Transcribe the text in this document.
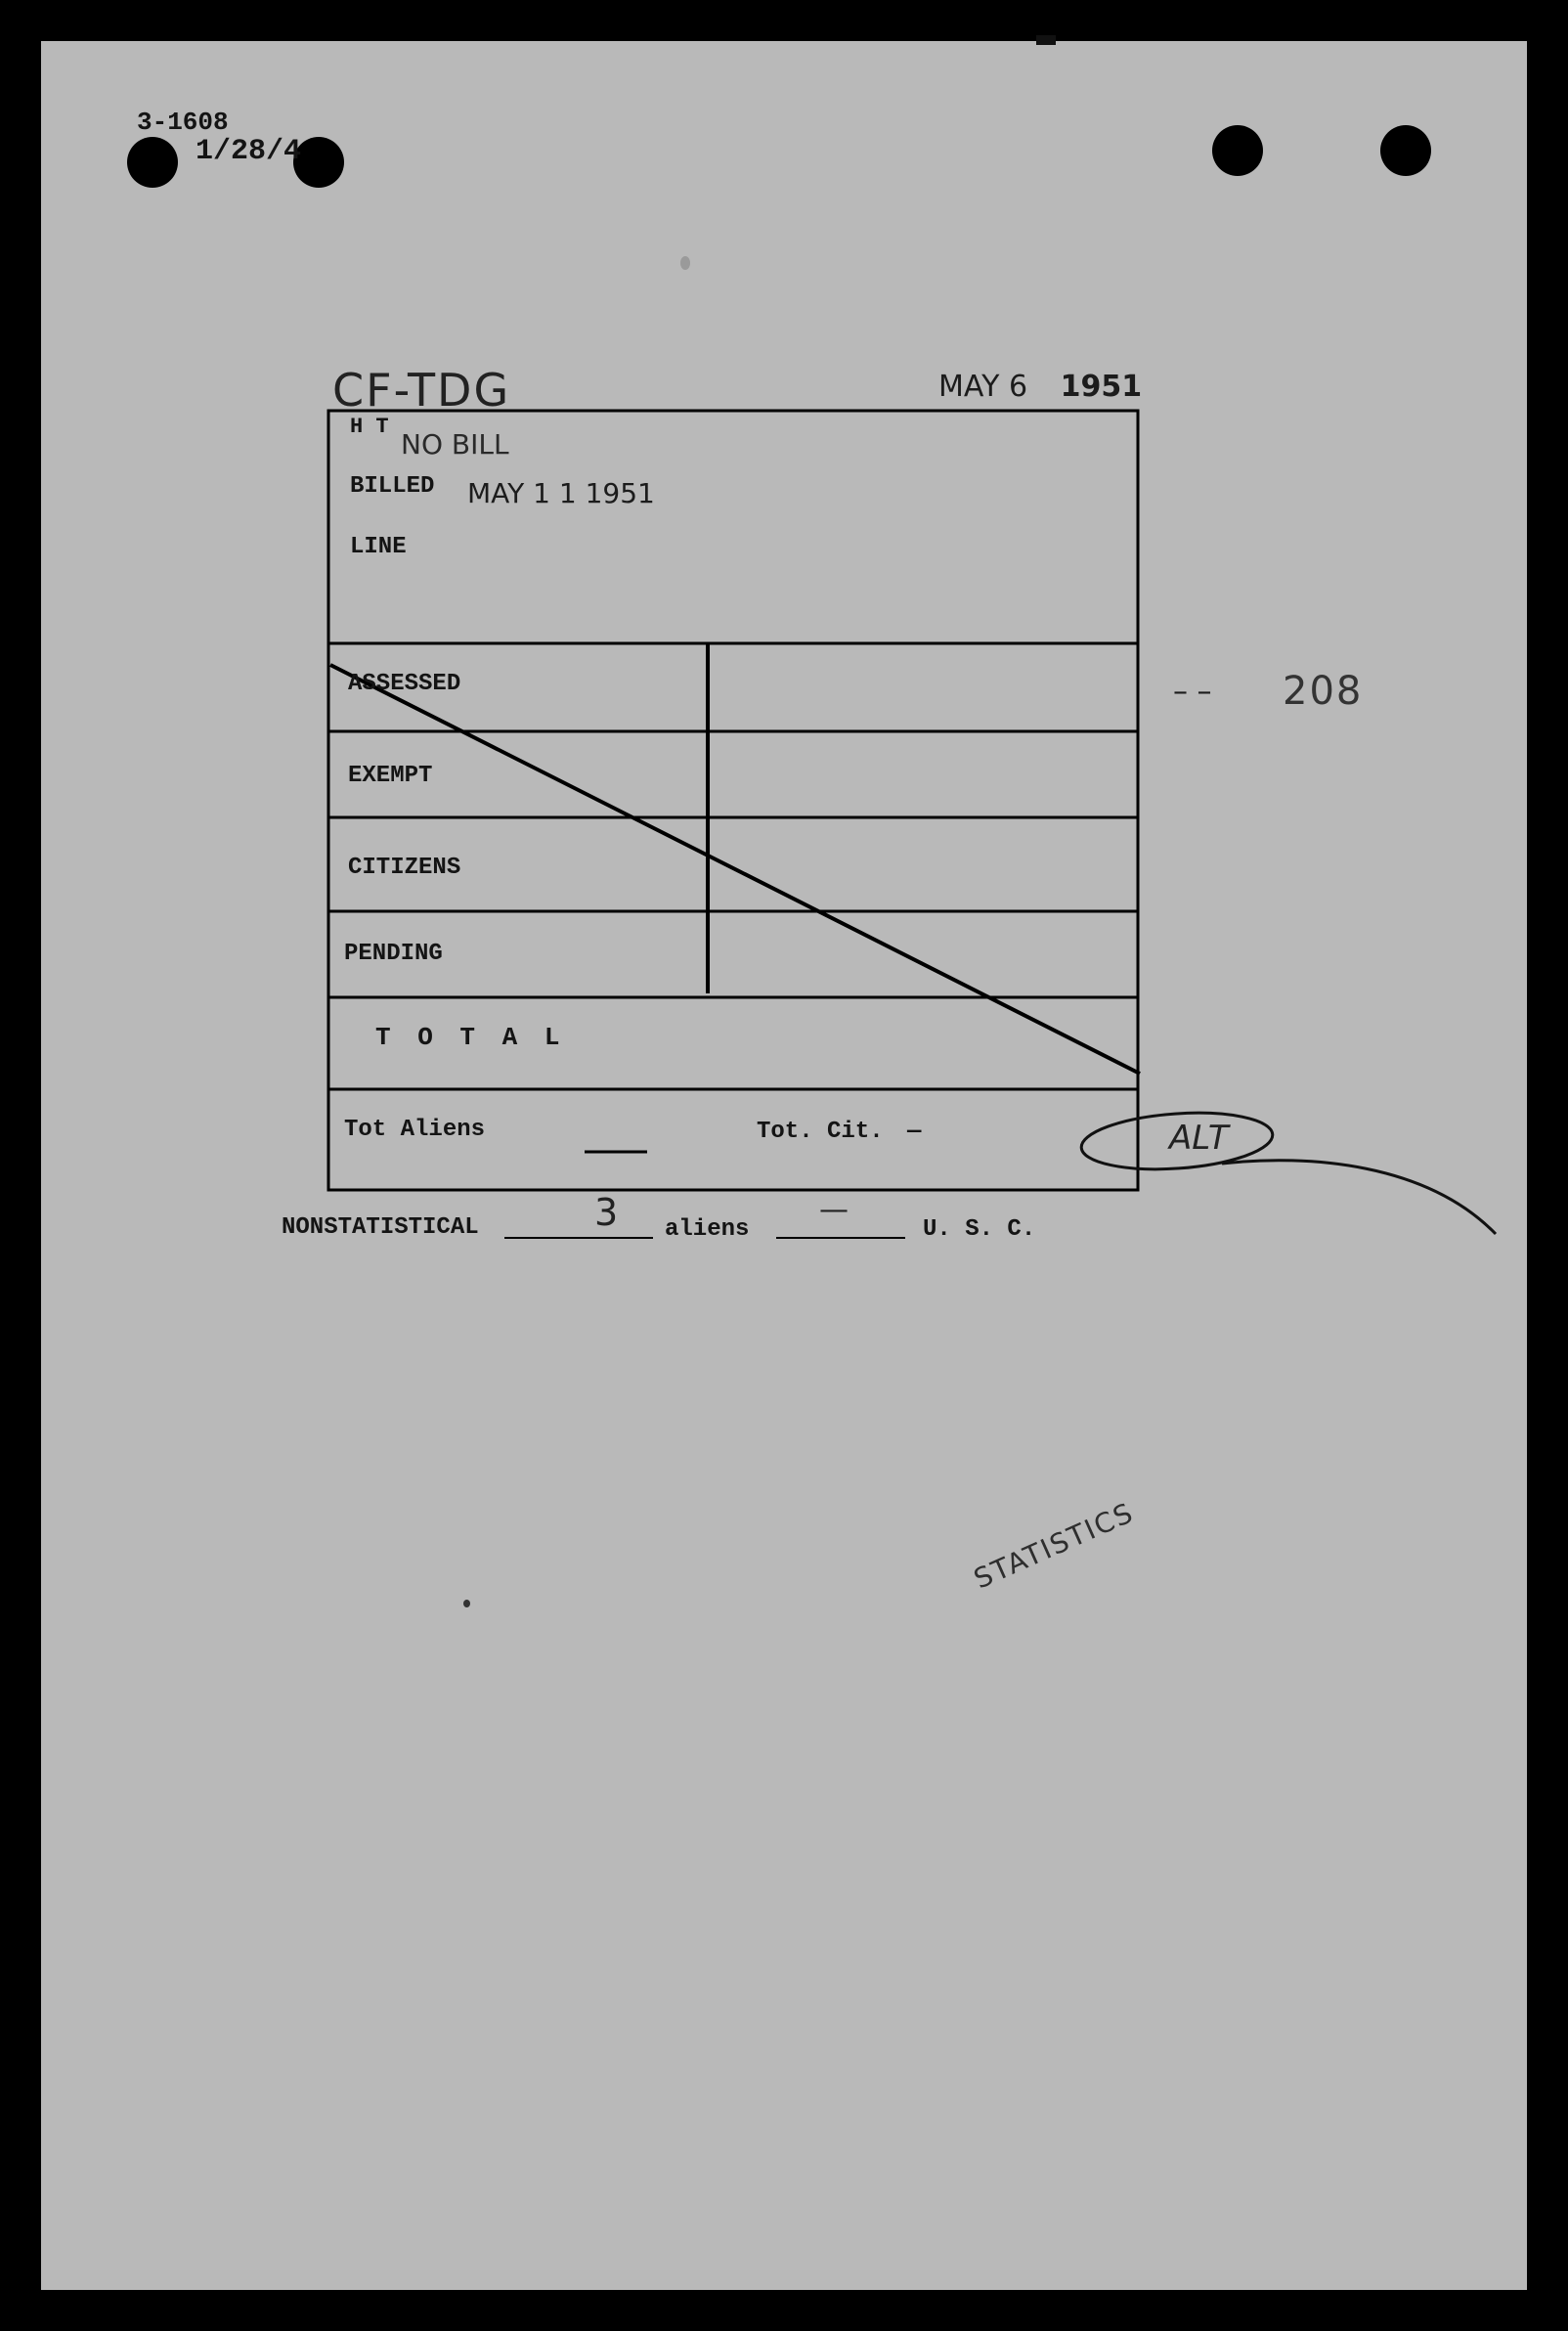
3-1608
1/28/4
CF-TDG	MAY 6 1951
– – 208
H T
NO BILL
BILLED MAY 1 1 1951
LINE
ASSESSED
EXEMPT
CITIZENS
PENDING
T O T A L
Tot Aliens	Tot. Cit. —	ALT
NONSTATISTICAL	3 aliens
—
U. S. C.
STATISTICS
